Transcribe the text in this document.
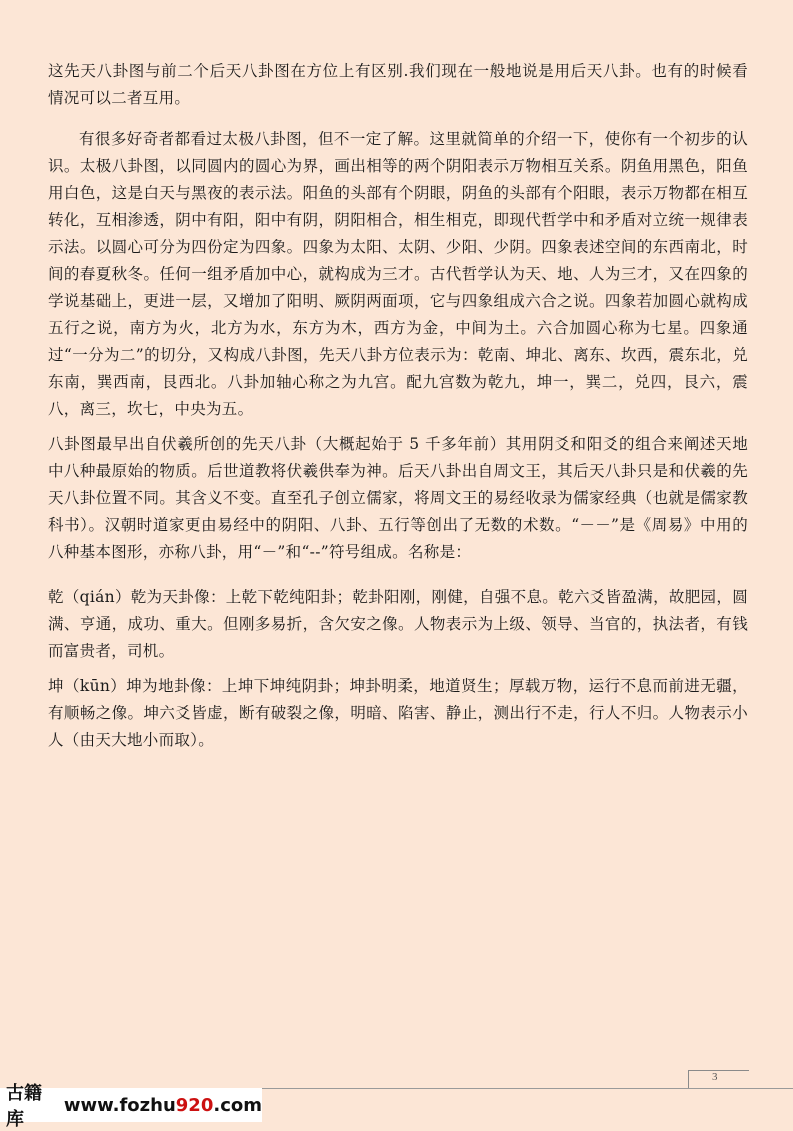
这先天八卦图与前二个后天八卦图在方位上有区别.我们现在一般地说是用后天八卦。也有的时候看情况可以二者互用。

有很多好奇者都看过太极八卦图，但不一定了解。这里就简单的介绍一下，使你有一个初步的认识。太极八卦图，以同圆内的圆心为界，画出相等的两个阴阳表示万物相互关系。阴鱼用黑色，阳鱼用白色，这是白天与黑夜的表示法。阳鱼的头部有个阴眼，阴鱼的头部有个阳眼，表示万物都在相互转化，互相渗透，阴中有阳，阳中有阴，阴阳相合，相生相克，即现代哲学中和矛盾对立统一规律表示法。以圆心可分为四份定为四象。四象为太阳、太阴、少阳、少阴。四象表述空间的东西南北，时间的春夏秋冬。任何一组矛盾加中心，就构成为三才。古代哲学认为天、地、人为三才，又在四象的学说基础上，更进一层，又增加了阳明、厥阴两面项，它与四象组成六合之说。四象若加圆心就构成五行之说，南方为火，北方为水，东方为木，西方为金，中间为土。六合加圆心称为七星。四象通过“一分为二”的切分，又构成八卦图，先天八卦方位表示为：乾南、坤北、离东、坎西，震东北，兑东南，巽西南，艮西北。八卦加轴心称之为九宫。配九宫数为乾九，坤一，巽二，兑四，艮六，震八，离三，坎七，中央为五。

八卦图最早出自伏羲所创的先天八卦（大概起始于 5 千多年前）其用阴爻和阳爻的组合来阐述天地中八种最原始的物质。后世道教将伏羲供奉为神。后天八卦出自周文王，其后天八卦只是和伏羲的先天八卦位置不同。其含义不变。直至孔子创立儒家，将周文王的易经收录为儒家经典（也就是儒家教科书）。汉朝时道家更由易经中的阴阳、八卦、五行等创出了无数的术数。“－－”是《周易》中用的八种基本图形，亦称八卦，用“－”和“--”符号组成。名称是：

乾（qián）乾为天卦像：上乾下乾纯阳卦；乾卦阳刚，刚健，自强不息。乾六爻皆盈满，故肥园，圆满、亨通，成功、重大。但刚多易折，含欠安之像。人物表示为上级、领导、当官的，执法者，有钱而富贵者，司机。

坤（kūn）坤为地卦像：上坤下坤纯阴卦；坤卦明柔，地道贤生；厚载万物，运行不息而前进无疆，有顺畅之像。坤六爻皆虚，断有破裂之像，明暗、陷害、静止，测出行不走，行人不归。人物表示小人（由天大地小而取）。

3
古籍库
www.fozhu920.com
